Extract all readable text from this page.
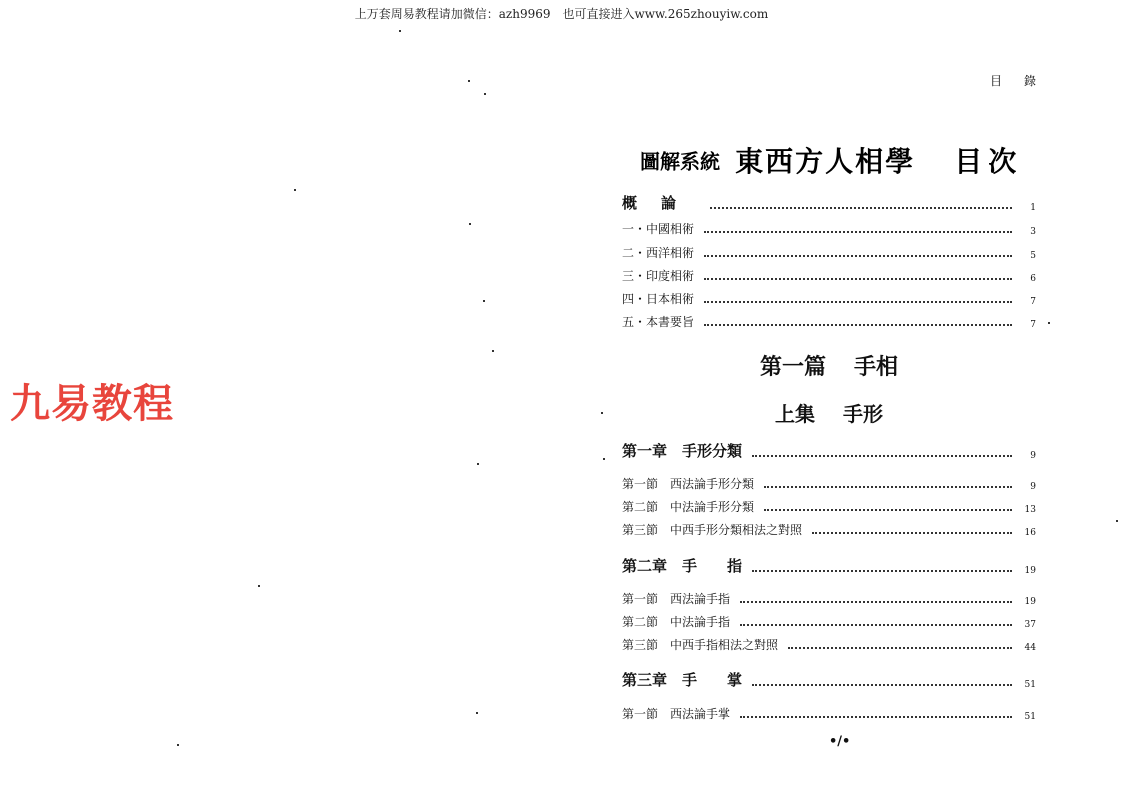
上万套周易教程请加微信：azh9969　也可直接进入www.265zhouyiw.com
九易教程
目錄
圖解系統 東西方人相學 目次
概論	1
一・中國相術	3
二・西洋相術	5
三・印度相術	6
四・日本相術	7
五・本書要旨	7
第一篇 手相
上集 手形
第一章　手形分類	9
第一節　西法論手形分類	9
第二節　中法論手形分類	13
第三節　中西手形分類相法之對照	16
第二章　手　　指	19
第一節　西法論手指	19
第二節　中法論手指	37
第三節　中西手指相法之對照	44
第三章　手　　掌	51
第一節　西法論手掌	51
•/•
